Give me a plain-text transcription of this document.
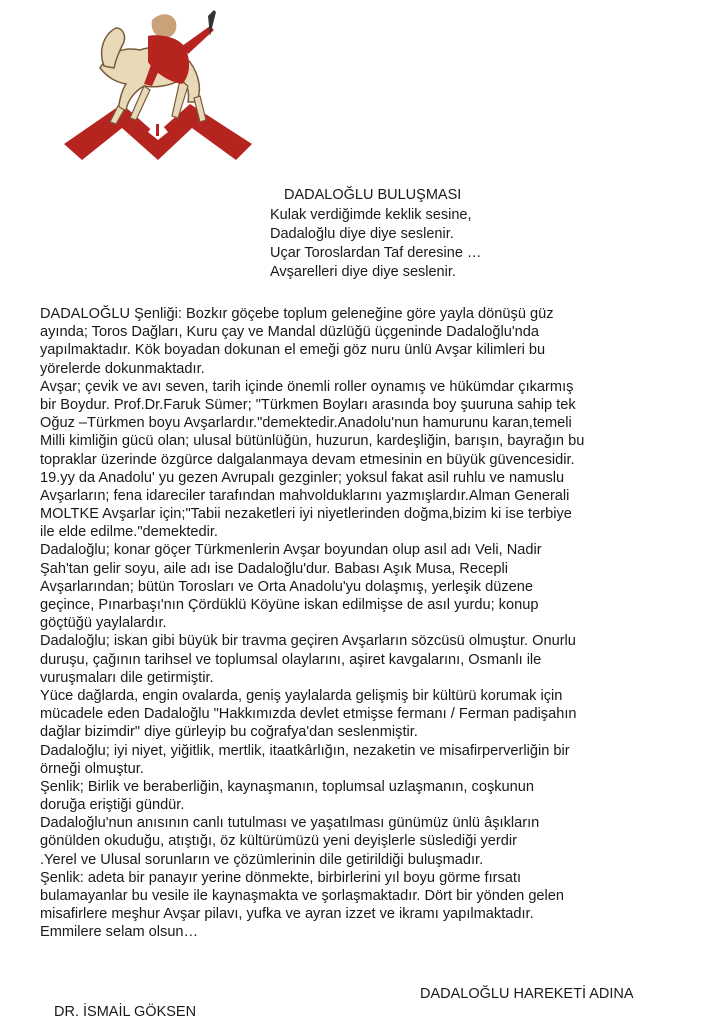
DADALOĞLU BULUŞMASI
Kulak verdiğimde keklik sesine,
Dadaloğlu diye diye seslenir.
Uçar Toroslardan Taf deresine …
Avşarelleri diye diye seslenir.
DADALOĞLU Şenliği: Bozkır göçebe toplum geleneğine göre yayla dönüşü güz
ayında; Toros Dağları, Kuru çay ve Mandal düzlüğü üçgeninde Dadaloğlu'nda
yapılmaktadır. Kök boyadan dokunan el emeği göz nuru ünlü Avşar kilimleri bu
yörelerde dokunmaktadır.
Avşar; çevik ve avı seven, tarih içinde önemli roller oynamış ve hükümdar çıkarmış
bir Boydur. Prof.Dr.Faruk Sümer; "Türkmen Boyları arasında boy şuuruna sahip tek
Oğuz –Türkmen boyu Avşarlardır."demektedir.Anadolu'nun hamurunu karan,temeli
Milli kimliğin gücü olan; ulusal bütünlüğün, huzurun, kardeşliğin, barışın, bayrağın bu
topraklar üzerinde özgürce dalgalanmaya devam etmesinin en büyük güvencesidir.
19.yy da Anadolu' yu gezen Avrupalı gezginler; yoksul fakat asil ruhlu ve namuslu
Avşarların; fena idareciler tarafından mahvolduklarını yazmışlardır.Alman Generali
MOLTKE Avşarlar için;"Tabii nezaketleri iyi niyetlerinden doğma,bizim ki ise terbiye
ile elde edilme."demektedir.
Dadaloğlu; konar göçer Türkmenlerin Avşar boyundan olup asıl adı Veli, Nadir
Şah'tan gelir soyu, aile adı ise Dadaloğlu'dur. Babası Aşık Musa, Recepli
Avşarlarından; bütün Torosları ve Orta Anadolu'yu dolaşmış, yerleşik düzene
geçince, Pınarbaşı'nın Çördüklü Köyüne iskan edilmişse de asıl yurdu; konup
göçtüğü yaylalardır.
Dadaloğlu; iskan gibi büyük bir travma geçiren Avşarların sözcüsü olmuştur. Onurlu
duruşu, çağının tarihsel ve toplumsal olaylarını, aşiret kavgalarını, Osmanlı ile
vuruşmaları dile getirmiştir.
Yüce dağlarda, engin ovalarda, geniş yaylalarda gelişmiş bir kültürü korumak için
mücadele eden Dadaloğlu "Hakkımızda devlet etmişse fermanı / Ferman padişahın
dağlar bizimdir" diye gürleyip bu coğrafya'dan seslenmiştir.
Dadaloğlu; iyi niyet, yiğitlik, mertlik, itaatkârlığın, nezaketin ve misafirperverliğin bir
örneği olmuştur.
Şenlik; Birlik ve beraberliğin, kaynaşmanın, toplumsal uzlaşmanın, coşkunun
doruğa eriştiği gündür.
Dadaloğlu'nun anısının canlı tutulması ve yaşatılması günümüz ünlü âşıkların
gönülden okuduğu, atıştığı, öz kültürümüzü yeni deyişlerle süslediği yerdir
.Yerel ve Ulusal sorunların ve çözümlerinin dile getirildiği buluşmadır.
Şenlik: adeta bir panayır yerine dönmekte, birbirlerini yıl boyu görme fırsatı
bulamayanlar bu vesile ile kaynaşmakta ve şorlaşmaktadır. Dört bir yönden gelen
misafirlere meşhur Avşar pilavı, yufka ve ayran izzet ve ikramı yapılmaktadır.
Emmilere selam olsun…
DADALOĞLU HAREKETİ ADINA
DR. İSMAİL GÖKSEN
